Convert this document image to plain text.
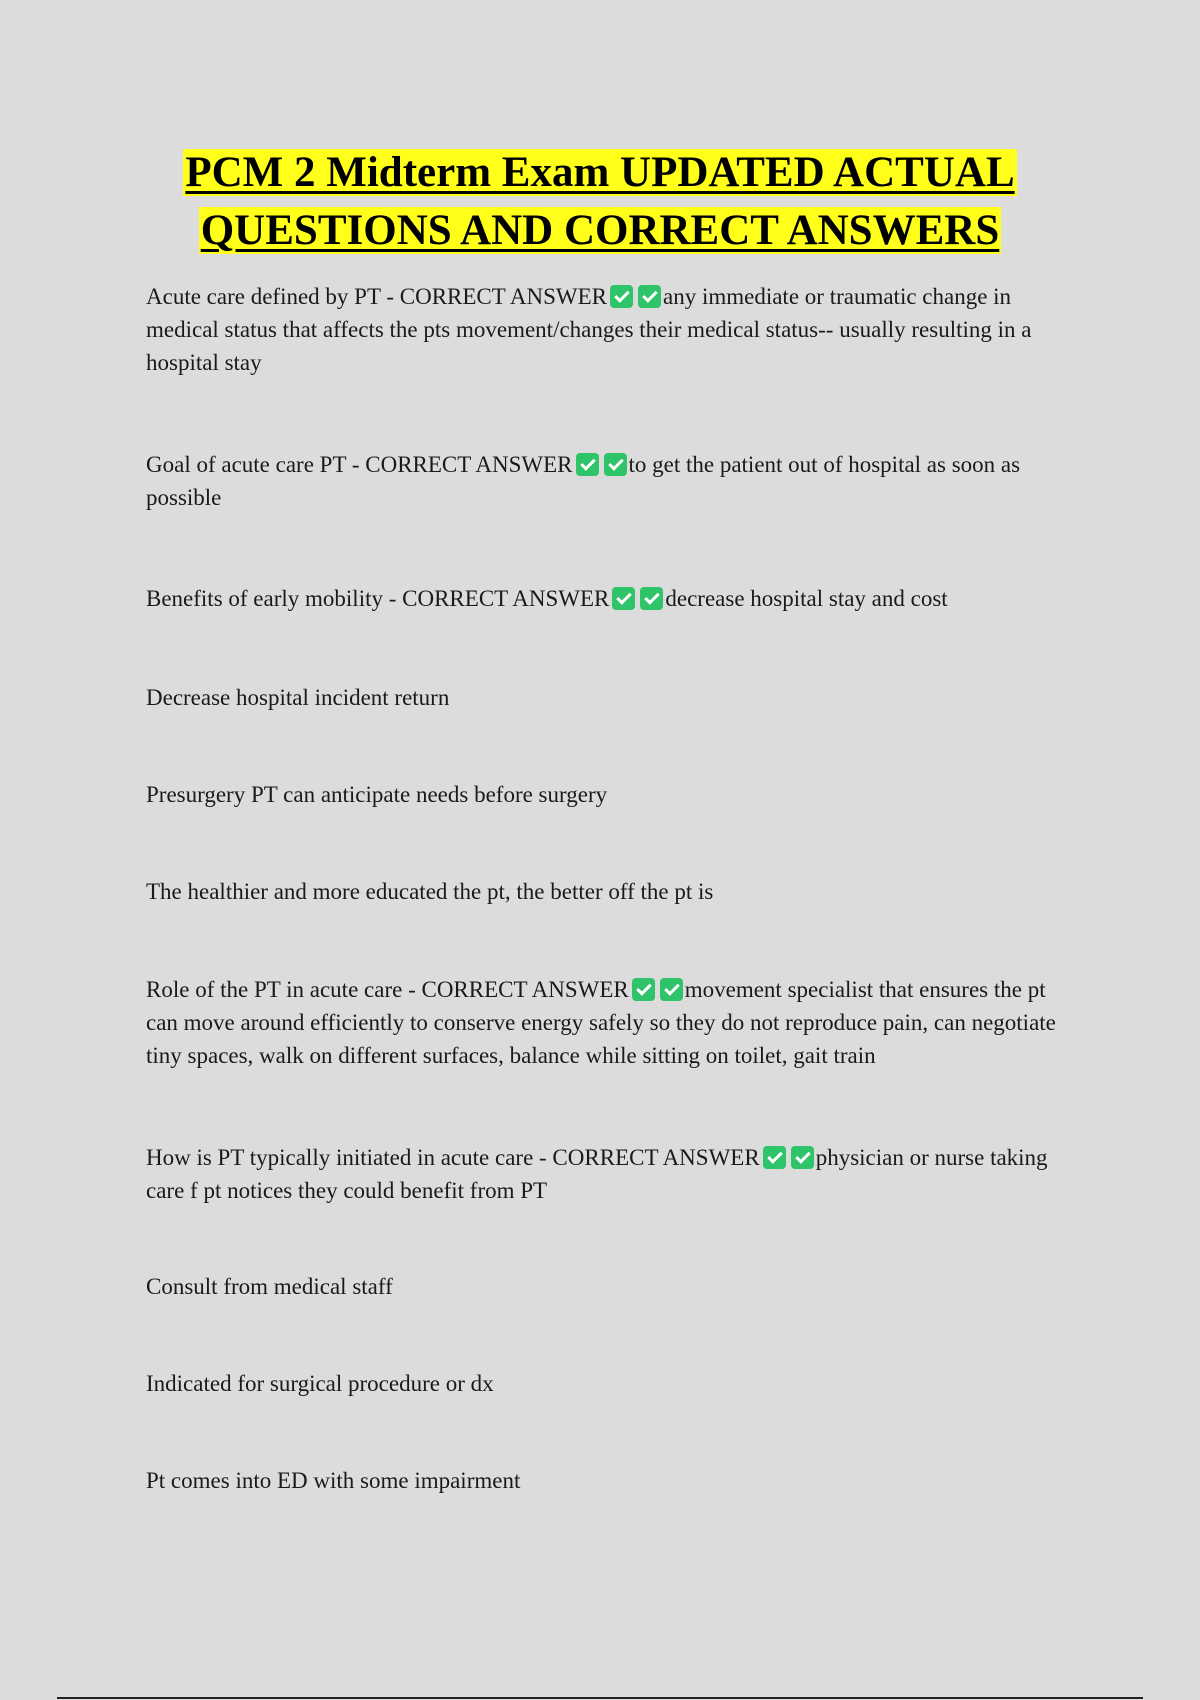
PCM 2 Midterm Exam UPDATED ACTUAL
QUESTIONS AND CORRECT ANSWERS
Acute care defined by PT - CORRECT ANSWER any immediate or traumatic change in medical status that affects the pts movement/changes their medical status-- usually resulting in a hospital stay
Goal of acute care PT - CORRECT ANSWER to get the patient out of hospital as soon as possible
Benefits of early mobility - CORRECT ANSWER decrease hospital stay and cost
Decrease hospital incident return
Presurgery PT can anticipate needs before surgery
The healthier and more educated the pt, the better off the pt is
Role of the PT in acute care - CORRECT ANSWER movement specialist that ensures the pt can move around efficiently to conserve energy safely so they do not reproduce pain, can negotiate tiny spaces, walk on different surfaces, balance while sitting on toilet, gait train
How is PT typically initiated in acute care - CORRECT ANSWER physician or nurse taking care f pt notices they could benefit from PT
Consult from medical staff
Indicated for surgical procedure or dx
Pt comes into ED with some impairment
